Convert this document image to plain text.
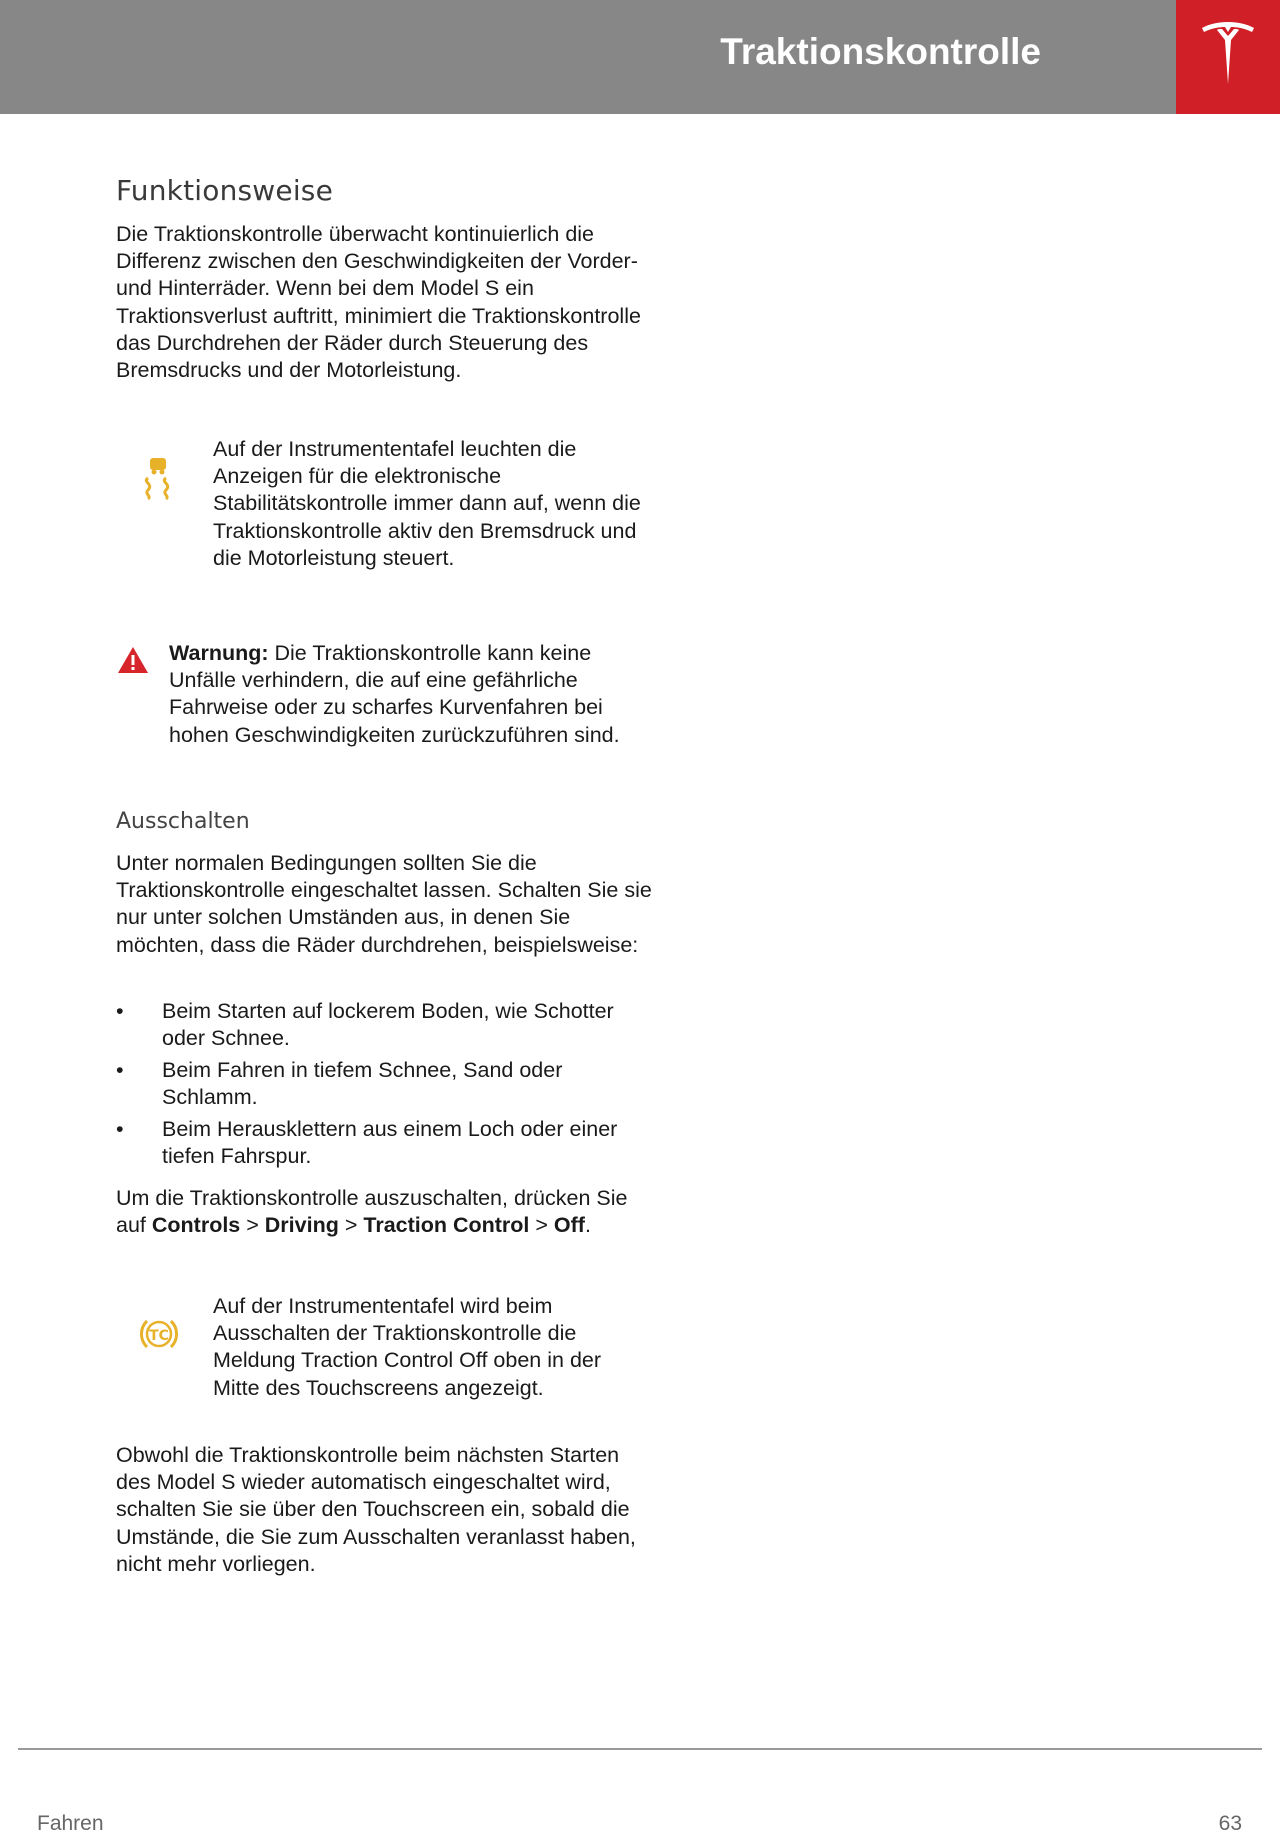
Traktionskontrolle
Funktionsweise

Die Traktionskontrolle überwacht kontinuierlich die Differenz zwischen den Geschwindigkeiten der Vorder- und Hinterräder. Wenn bei dem Model S ein Traktionsverlust auftritt, minimiert die Traktionskontrolle das Durchdrehen der Räder durch Steuerung des Bremsdrucks und der Motorleistung.

Auf der Instrumententafel leuchten die Anzeigen für die elektronische Stabilitätskontrolle immer dann auf, wenn die Traktionskontrolle aktiv den Bremsdruck und die Motorleistung steuert.

Warnung: Die Traktionskontrolle kann keine Unfälle verhindern, die auf eine gefährliche Fahrweise oder zu scharfes Kurvenfahren bei hohen Geschwindigkeiten zurückzuführen sind.

Ausschalten

Unter normalen Bedingungen sollten Sie die Traktionskontrolle eingeschaltet lassen. Schalten Sie sie nur unter solchen Umständen aus, in denen Sie möchten, dass die Räder durchdrehen, beispielsweise:

• Beim Starten auf lockerem Boden, wie Schotter oder Schnee.
• Beim Fahren in tiefem Schnee, Sand oder Schlamm.
• Beim Herausklettern aus einem Loch oder einer tiefen Fahrspur.

Um die Traktionskontrolle auszuschalten, drücken Sie auf Controls > Driving > Traction Control > Off.

TC

Auf der Instrumententafel wird beim Ausschalten der Traktionskontrolle die Meldung Traction Control Off oben in der Mitte des Touchscreens angezeigt.

Obwohl die Traktionskontrolle beim nächsten Starten des Model S wieder automatisch eingeschaltet wird, schalten Sie sie über den Touchscreen ein, sobald die Umstände, die Sie zum Ausschalten veranlasst haben, nicht mehr vorliegen.

Fahren	63
